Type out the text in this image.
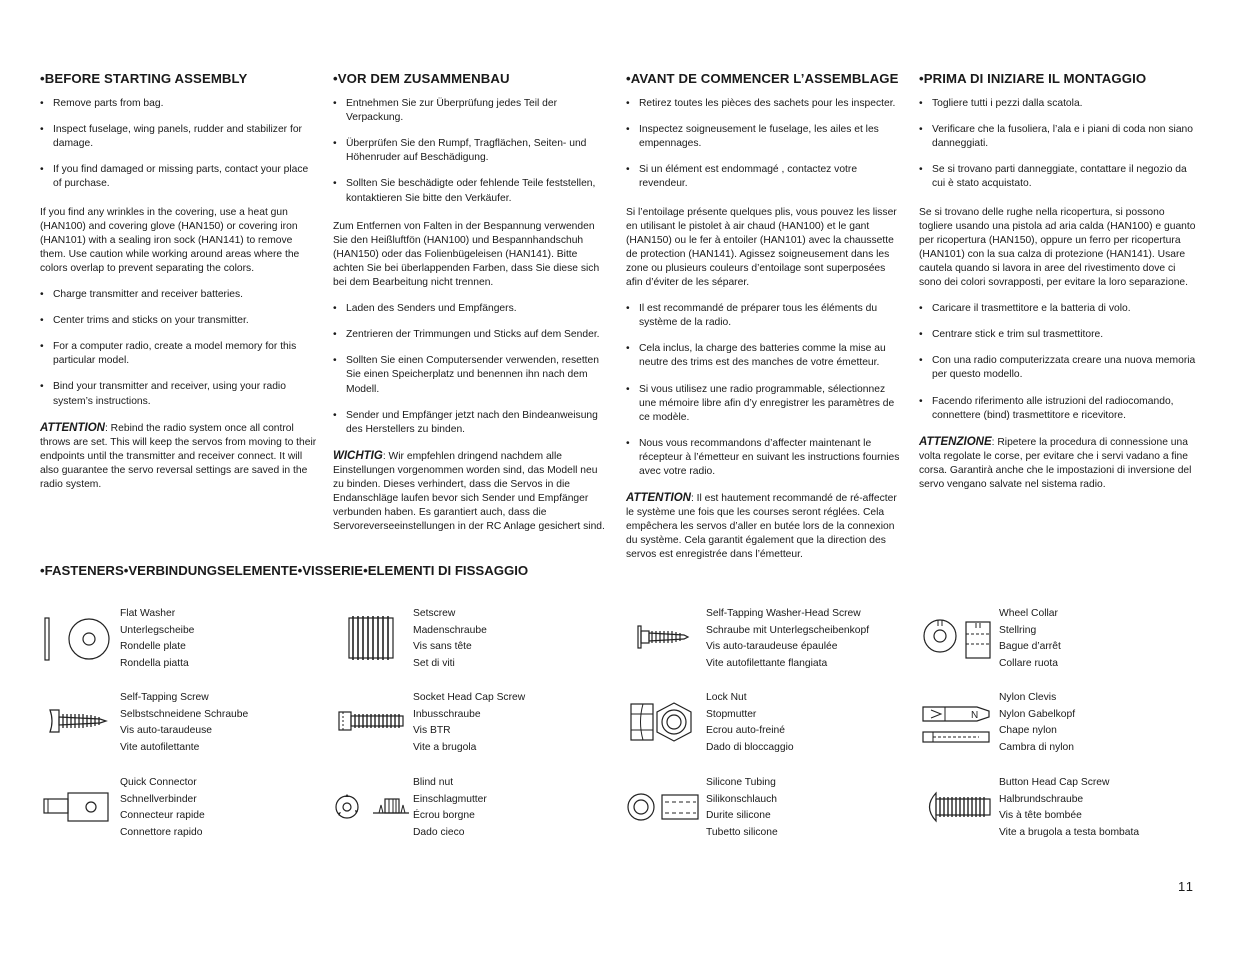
•BEFORE STARTING ASSEMBLY
• Remove parts from bag.
• Inspect fuselage, wing panels, rudder and stabilizer for damage.
• If you find damaged or missing parts, contact your place of purchase.

If you find any wrinkles in the covering, use a heat gun (HAN100) and covering glove (HAN150) or covering iron (HAN101) with a sealing iron sock (HAN141) to remove them. Use caution while working around areas where the colors overlap to prevent separating the colors.

• Charge transmitter and receiver batteries.
• Center trims and sticks on your transmitter.
• For a computer radio, create a model memory for this particular model.
• Bind your transmitter and receiver, using your radio system’s instructions.

ATTENTION: Rebind the radio system once all control throws are set. This will keep the servos from moving to their endpoints until the transmitter and receiver connect. It will also guarantee the servo reversal settings are saved in the radio system.

•VOR DEM ZUSAMMENBAU
• Entnehmen Sie zur Überprüfung jedes Teil der Verpackung.
• Überprüfen Sie den Rumpf, Tragflächen, Seiten- und Höhenruder auf Beschädigung.
• Sollten Sie beschädigte oder fehlende Teile feststellen, kontaktieren Sie bitte den Verkäufer.

Zum Entfernen von Falten in der Bespannung verwenden Sie den Heißluftfön (HAN100) und Bespannhandschuh (HAN150) oder das Folienbügeleisen (HAN141). Bitte achten Sie bei überlappenden Farben, dass Sie diese sich bei dem Bearbeitung nicht trennen.

• Laden des Senders und Empfängers.
• Zentrieren der Trimmungen und Sticks auf dem Sender.
• Sollten Sie einen Computersender verwenden, resetten Sie einen Speicherplatz und benennen ihn nach dem Modell.
• Sender und Empfänger jetzt nach den Bindeanweisung des Herstellers zu binden.

WICHTIG: Wir empfehlen dringend nachdem alle Einstellungen vorgenommen worden sind, das Modell neu zu binden. Dieses verhindert, dass die Servos in die Endanschläge laufen bevor sich Sender und Empfänger verbunden haben. Es garantiert auch, dass die Servoreverseeinstellungen in der RC Anlage gesichert sind.

•AVANT DE COMMENCER L’ASSEMBLAGE
• Retirez toutes les pièces des sachets pour les inspecter.
• Inspectez soigneusement le fuselage, les ailes et les empennages.
• Si un élément est endommagé , contactez votre revendeur.

Si l’entoilage présente quelques plis, vous pouvez les lisser en utilisant le pistolet à air chaud (HAN100) et le gant (HAN150) ou le fer à entoiler (HAN101) avec la chaussette de protection (HAN141). Agissez soigneusement dans les zone ou plusieurs couleurs d’entoilage sont superposées afin d’éviter de les séparer.

• Il est recommandé de préparer tous les éléments du système de la radio.
• Cela inclus, la charge des batteries comme la mise au neutre des trims est des manches de votre émetteur.
• Si vous utilisez une radio programmable, sélectionnez une mémoire libre afin d’y enregistrer les paramètres de ce modèle.
• Nous vous recommandons d’affecter maintenant le récepteur à l’émetteur en suivant les instructions fournies avec votre radio.

ATTENTION: Il est hautement recommandé de ré-affecter le système une fois que les courses seront réglées. Cela empêchera les servos d’aller en butée lors de la connexion du système. Cela garantit également que la direction des servos est enregistrée dans l’émetteur.

•PRIMA DI INIZIARE IL MONTAGGIO
• Togliere tutti i pezzi dalla scatola.
• Verificare che la fusoliera, l’ala e i piani di coda non siano danneggiati.
• Se si trovano parti danneggiate, contattare il negozio da cui è stato acquistato.

Se si trovano delle rughe nella ricopertura, si possono togliere usando una pistola ad aria calda (HAN100) e guanto per ricopertura (HAN150), oppure un ferro per ricopertura (HAN101) con la sua calza di protezione (HAN141). Usare cautela quando si lavora in aree del rivestimento dove ci sono dei colori sovrapposti, per evitare la loro separazione.

• Caricare il trasmettitore e la batteria di volo.
• Centrare stick e trim sul trasmettitore.
• Con una radio computerizzata creare una nuova memoria per questo modello.
• Facendo riferimento alle istruzioni del radiocomando, connettere (bind) trasmettitore e ricevitore.

ATTENZIONE: Ripetere la procedura di connessione una volta regolate le corse, per evitare che i servi vadano a fine corsa. Garantirà anche che le impostazioni di inversione del servo vengano salvate nel sistema radio.

•FASTENERS•VERBINDUNGSELEMENTE•VISSERIE•ELEMENTI DI FISSAGGIO
Flat Washer
Unterlegscheibe
Rondelle plate
Rondella piatta
Setscrew
Madenschraube
Vis sans tête
Set di viti
Self-Tapping Washer-Head Screw
Schraube mit Unterlegscheibenkopf
Vis auto-taraudeuse épaulée
Vite autofilettante flangiata
Wheel Collar
Stellring
Bague d’arrêt
Collare ruota
Self-Tapping Screw
Selbstschneidene Schraube
Vis auto-taraudeuse
Vite autofilettante
Socket Head Cap Screw
Inbusschraube
Vis BTR
Vite a brugola
Lock Nut
Stopmutter
Ecrou auto-freiné
Dado di bloccaggio
N
Nylon Clevis
Nylon Gabelkopf
Chape nylon
Cambra di nylon
Quick Connector
Schnellverbinder
Connecteur rapide
Connettore rapido
Blind nut
Einschlagmutter
Écrou borgne
Dado cieco
Silicone Tubing
Silikonschlauch
Durite silicone
Tubetto silicone
Button Head Cap Screw
Halbrundschraube
Vis à tête bombée
Vite a brugola a testa bombata
11
